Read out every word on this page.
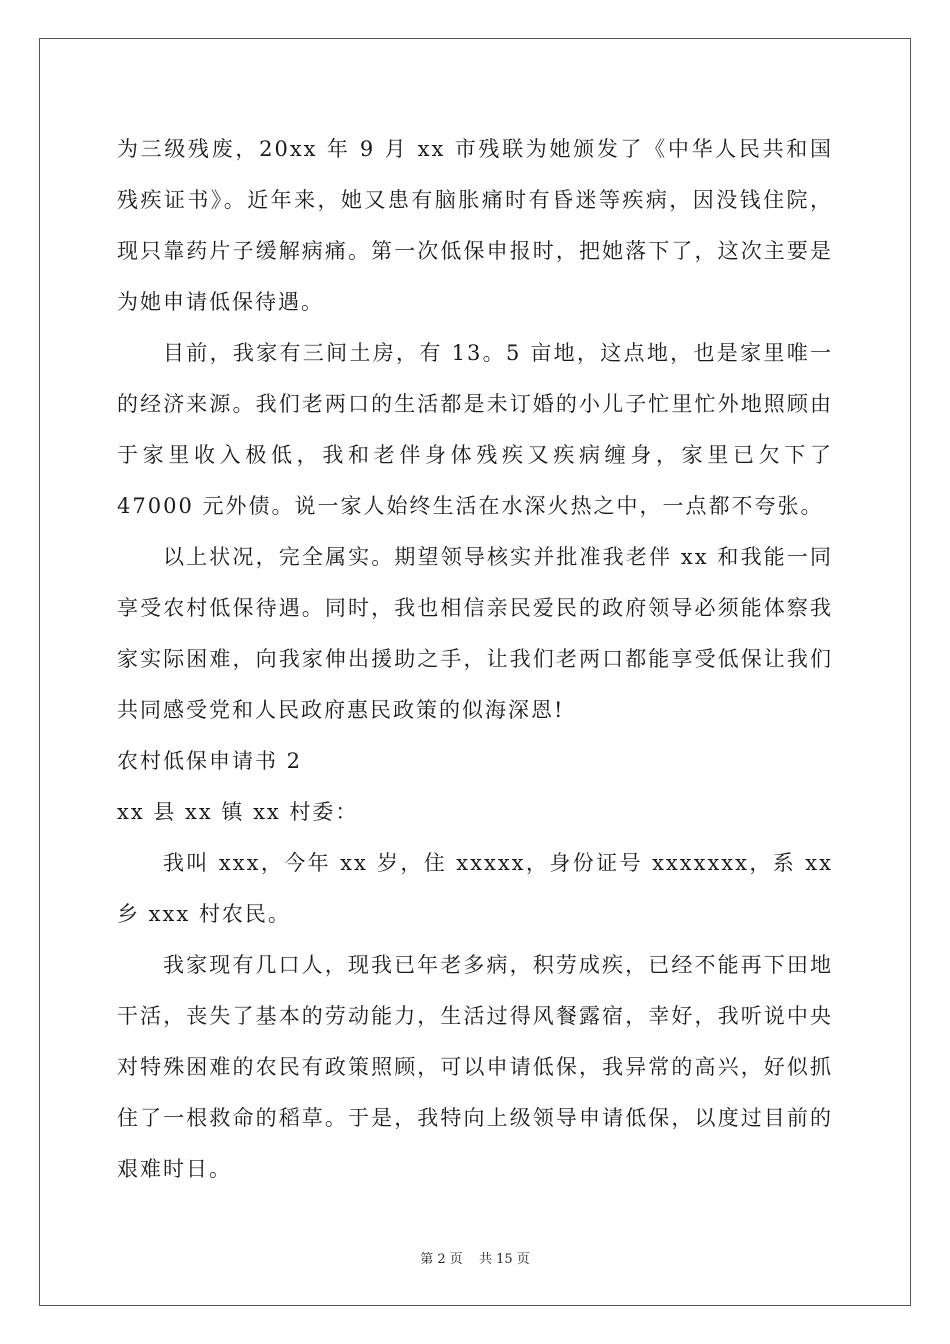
为三级残废，20xx 年 9 月 xx 市残联为她颁发了《中华人民共和国残疾证书》。近年来，她又患有脑胀痛时有昏迷等疾病，因没钱住院，现只靠药片子缓解病痛。第一次低保申报时，把她落下了，这次主要是为她申请低保待遇。

目前，我家有三间土房，有 13。5 亩地，这点地，也是家里唯一的经济来源。我们老两口的生活都是未订婚的小儿子忙里忙外地照顾由于家里收入极低，我和老伴身体残疾又疾病缠身，家里已欠下了 47000 元外债。说一家人始终生活在水深火热之中，一点都不夸张。

以上状况，完全属实。期望领导核实并批准我老伴 xx 和我能一同享受农村低保待遇。同时，我也相信亲民爱民的政府领导必须能体察我家实际困难，向我家伸出援助之手，让我们老两口都能享受低保让我们共同感受党和人民政府惠民政策的似海深恩!

农村低保申请书 2

xx 县 xx 镇 xx 村委：

我叫 xxx，今年 xx 岁，住 xxxxx，身份证号 xxxxxxx，系 xx 乡 xxx 村农民。

我家现有几口人，现我已年老多病，积劳成疾，已经不能再下田地干活，丧失了基本的劳动能力，生活过得风餐露宿，幸好，我听说中央对特殊困难的农民有政策照顾，可以申请低保，我异常的高兴，好似抓住了一根救命的稻草。于是，我特向上级领导申请低保，以度过目前的艰难时日。

第 2 页 共 15 页
